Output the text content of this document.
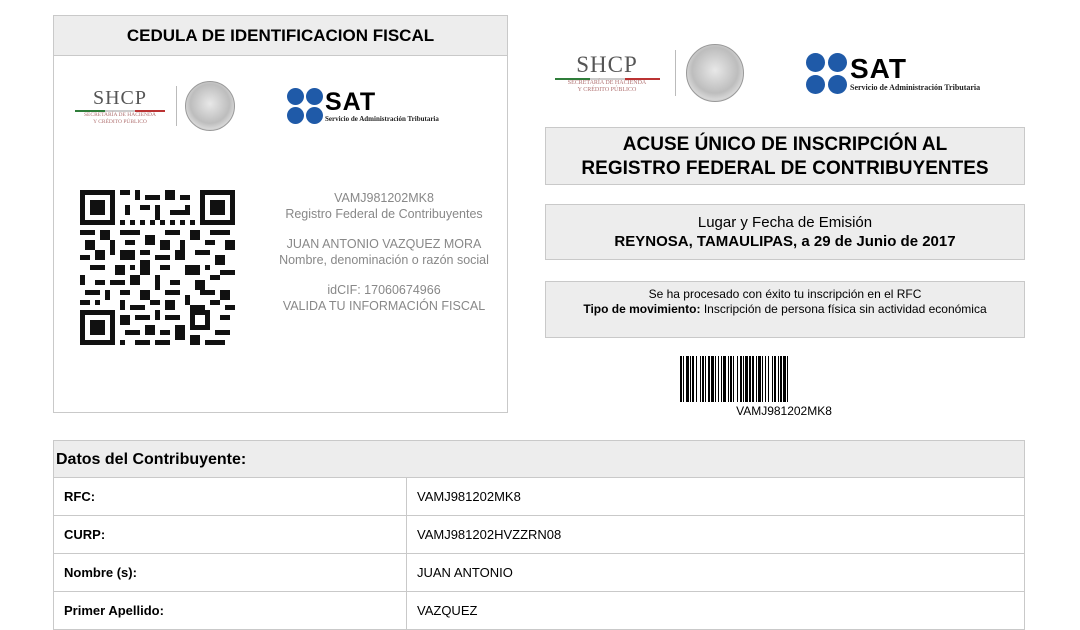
CEDULA DE IDENTIFICACION FISCAL
SHCP
SECRETARÍA DE HACIENDA
Y CRÉDITO PÚBLICO
SAT
Servicio de Administración Tributaria
VAMJ981202MK8
Registro Federal de Contribuyentes
JUAN ANTONIO VAZQUEZ MORA
Nombre, denominación o razón social
idCIF: 17060674966
VALIDA TU INFORMACIÓN FISCAL
SHCP
SECRETARÍA DE HACIENDA
Y CRÉDITO PÚBLICO
SAT
Servicio de Administración Tributaria
ACUSE ÚNICO DE INSCRIPCIÓN AL
REGISTRO FEDERAL DE CONTRIBUYENTES
Lugar y Fecha de Emisión
REYNOSA, TAMAULIPAS, a 29 de Junio de 2017
Se ha procesado con éxito tu inscripción en el RFC
Tipo de movimiento: Inscripción de persona física sin actividad económica
VAMJ981202MK8
Datos del Contribuyente:
RFC:	VAMJ981202MK8
CURP:	VAMJ981202HVZZRN08
Nombre (s):	JUAN ANTONIO
Primer Apellido:	VAZQUEZ
